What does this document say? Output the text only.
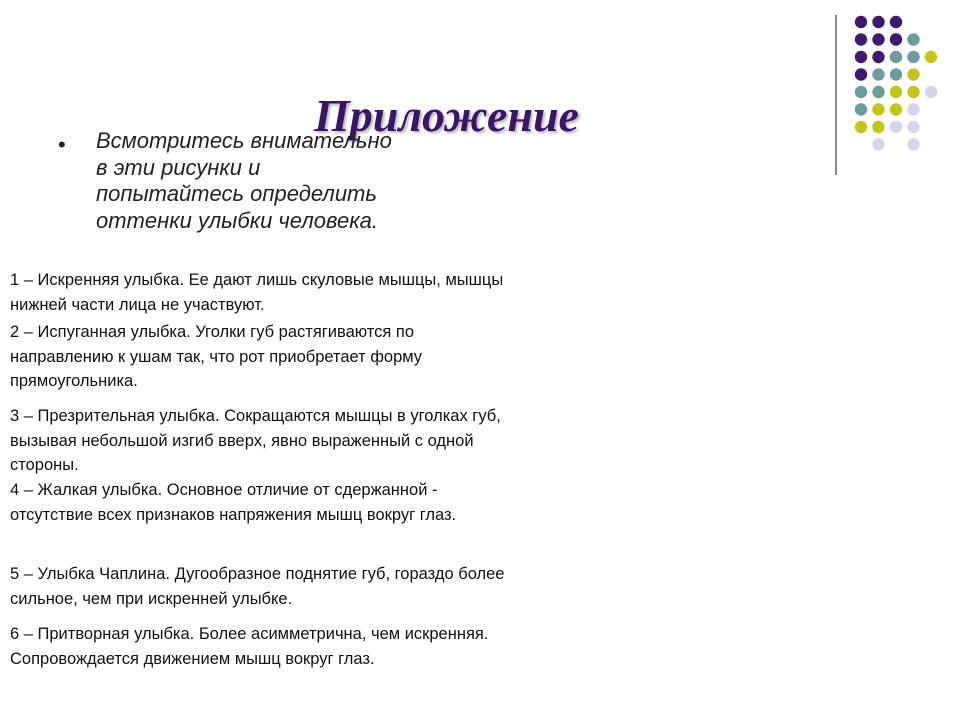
Приложение
• Всмотритесь внимательно в эти рисунки и попытайтесь определить оттенки улыбки человека.

1 – Искренняя улыбка. Ее дают лишь скуловые мышцы, мышцы нижней части лица не участвуют.

2 – Испуганная улыбка. Уголки губ растягиваются по направлению к ушам так, что рот приобретает форму прямоугольника.

3 – Презрительная улыбка. Сокращаются мышцы в уголках губ, вызывая небольшой изгиб вверх, явно выраженный с одной стороны.

4 – Жалкая улыбка. Основное отличие от сдержанной - отсутствие всех признаков напряжения мышц вокруг глаз.

5 – Улыбка Чаплина. Дугообразное поднятие губ, гораздо более сильное, чем при искренней улыбке.

6 – Притворная улыбка. Более асимметрична, чем искренняя. Сопровождается движением мышц вокруг глаз.
